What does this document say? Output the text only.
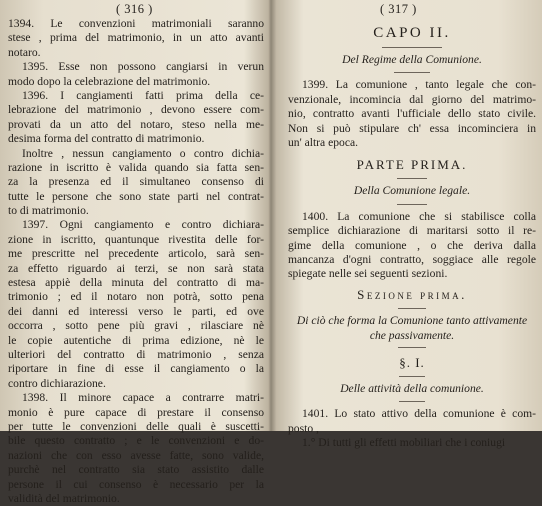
( 316 )
1394. Le convenzioni matrimoniali saranno
stese , prima del matrimonio, in un atto avanti
notaro.
1395. Esse non possono cangiarsi in verun
modo dopo la celebrazione del matrimonio.
1396. I cangiamenti fatti prima della ce-
lebrazione del matrimonio , devono essere com-
provati da un atto del notaro, steso nella me-
desima forma del contratto di matrimonio.
Inoltre , nessun cangiamento o contro dichia-
razione in iscritto è valida quando sia fatta sen-
za la presenza ed il simultaneo consenso di
tutte le persone che sono state parti nel contrat-
to di matrimonio.
1397. Ogni cangiamento e contro dichiara-
zione in iscritto, quantunque rivestita delle for-
me prescritte nel precedente articolo, sarà sen-
za effetto riguardo ai terzi, se non sarà stata
estesa appiè della minuta del contratto di ma-
trimonio ; ed il notaro non potrà, sotto pena
dei danni ed interessi verso le parti, ed ove
occorra , sotto pene più gravi , rilasciare nè
le copie autentiche di prima edizione, nè le
ulteriori del contratto di matrimonio , senza
riportare in fine di esse il cangiamento o la
contro dichiarazione.
1398. Il minore capace a contrarre matri-
monio è pure capace di prestare il consenso
per tutte le convenzioni delle quali è suscetti-
bile questo contratto ; e le convenzioni e do-
nazioni che con esso avesse fatte, sono valide,
purchè nel contratto sia stato assistito dalle
persone il cui consenso è necessario per la
validità del matrimonio.
( 317 )
CAPO II.
Del Regime della Comunione.
1399. La comunione , tanto legale che con-
venzionale, incomincia dal giorno del matrimo-
nio, contratto avanti l'ufficiale dello stato civile.
Non si può stipulare ch' essa incominciera in
un' altra epoca.
PARTE PRIMA.
Della Comunione legale.
1400. La comunione che si stabilisce colla
semplice dichiarazione di maritarsi sotto il re-
gime della comunione , o che deriva dalla
mancanza d'ogni contratto, soggiace alle regole
spiegate nelle sei seguenti sezioni.
Sezione prima.
Di ciò che forma la Comunione tanto attivamente
che passivamente.
§. I.
Delle attività della comunione.
1401. Lo stato attivo della comunione è com-
posto ,
1.° Di tutti gli effetti mobiliari che i coniugi
